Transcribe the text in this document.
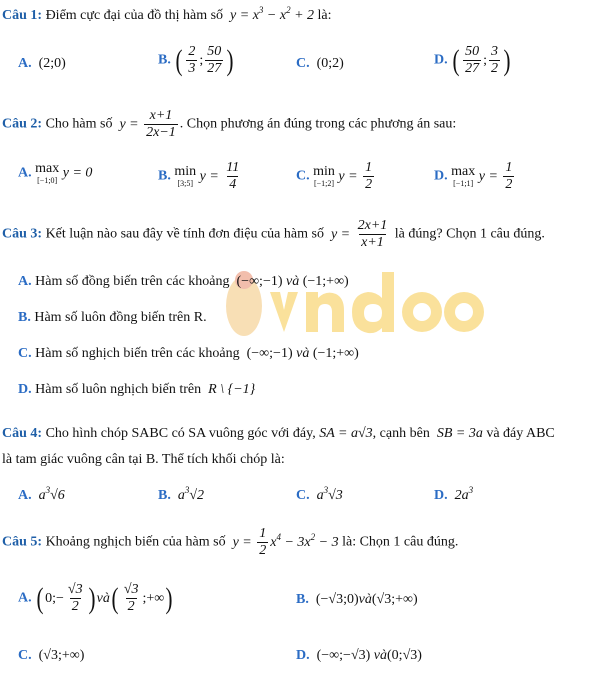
Câu 1: Điểm cực đại của đồ thị hàm số  $y = x^3 - x^2 + 2$ là:
A.  (2;0)	B. ( $\frac{2}{3}$ ; $\frac{50}{27}$ )	C.  (0;2)	D. ( $\frac{50}{27}$ ; $\frac{3}{2}$ )
Câu 2: Cho hàm số  $y = \frac{x+1}{2x-1}$ . Chọn phương án đúng trong các phương án sau:
A. max
[−1;0] y = 0	B. min
[3;5] $y = \frac{11}{4}$	C. min
[−1;2] $y = \frac{1}{2}$	D. max
[−1;1] $y = \frac{1}{2}$
Câu 3: Kết luận nào sau đây về tính đơn điệu của hàm số  $y = \frac{2x+1}{x+1}$ là đúng? Chọn 1 câu đúng.
A. Hàm số đồng biến trên các khoảng  (−∞;−1) và (−1;+∞)
B. Hàm số luôn đồng biến trên R.
C. Hàm số nghịch biến trên các khoảng  (−∞;−1) và (−1;+∞)
D. Hàm số luôn nghịch biến trên  R \ {−1}
Câu 4: Cho hình chóp SABC có SA vuông góc với đáy, SA = a√3, cạnh bên  SB = 3a và đáy ABC
là tam giác vuông cân tại B. Thể tích khối chóp là:
A.  $a^3√6$	B.  $a^3√2$	C.  $a^3√3$	D.  $2a^3$
Câu 5: Khoảng nghịch biến của hàm số  $y = \frac{1}{2} x^4 - 3x^2 - 3$ là: Chọn 1 câu đúng.
A. ( 0;− $\frac{√3}{2}$ ) và( $\frac{√3}{2}$ ;+∞)	B.  (−√3;0)và(√3;+∞)
C.  (√3;+∞)	D.  (−∞;−√3) và(0;√3)
